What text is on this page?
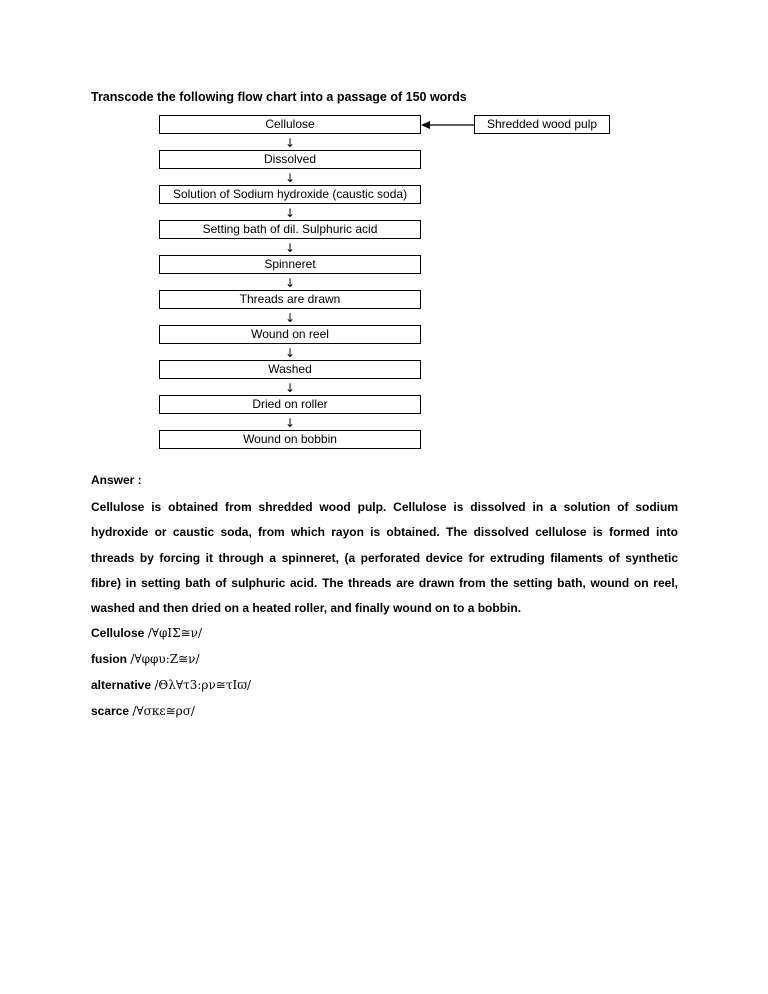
Transcode the following flow chart into a passage of 150 words
Cellulose
↓
Dissolved
↓
Solution of Sodium hydroxide (caustic soda)
↓
Setting bath of dil. Sulphuric acid
↓
Spinneret
↓
Threads are drawn
↓
Wound on reel
↓
Washed
↓
Dried on roller
↓
Wound on bobbin
Shredded wood pulp
Answer :

Cellulose is obtained from shredded wood pulp. Cellulose is dissolved in a solution of sodium hydroxide or caustic soda, from which rayon is obtained. The dissolved cellulose is formed into threads by forcing it through a spinneret, (a perforated device for extruding filaments of synthetic fibre) in setting bath of sulphuric acid. The threads are drawn from the setting bath, wound on reel, washed and then dried on a heated roller, and finally wound on to a bobbin.

Cellulose /∀φΙΣ≅ν/
fusion /∀φφυ:Ζ≅ν/
alternative /Θλ∀τ3:ρν≅τΙϖ/
scarce /∀σκε≅ρσ/
